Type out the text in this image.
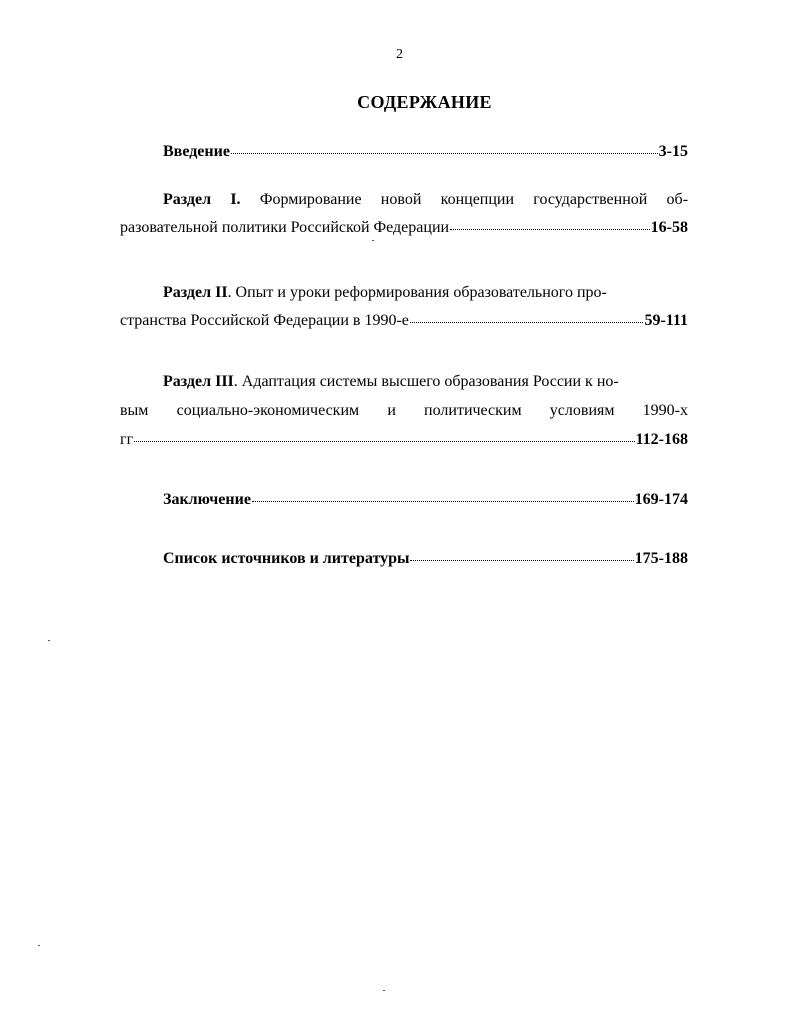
2
СОДЕРЖАНИЕ
Введение	3-15
Раздел I. Формирование новой концепции государственной об-
разовательной политики Российской Федерации	16-58
Раздел II. Опыт и уроки реформирования образовательного про-
странства Российской Федерации в 1990-е	59-111
Раздел III. Адаптация системы высшего образования России к но-
вым социально-экономическим и политическим условиям 1990-х
гг	112-168
Заключение	169-174
Список источников и литературы	175-188
